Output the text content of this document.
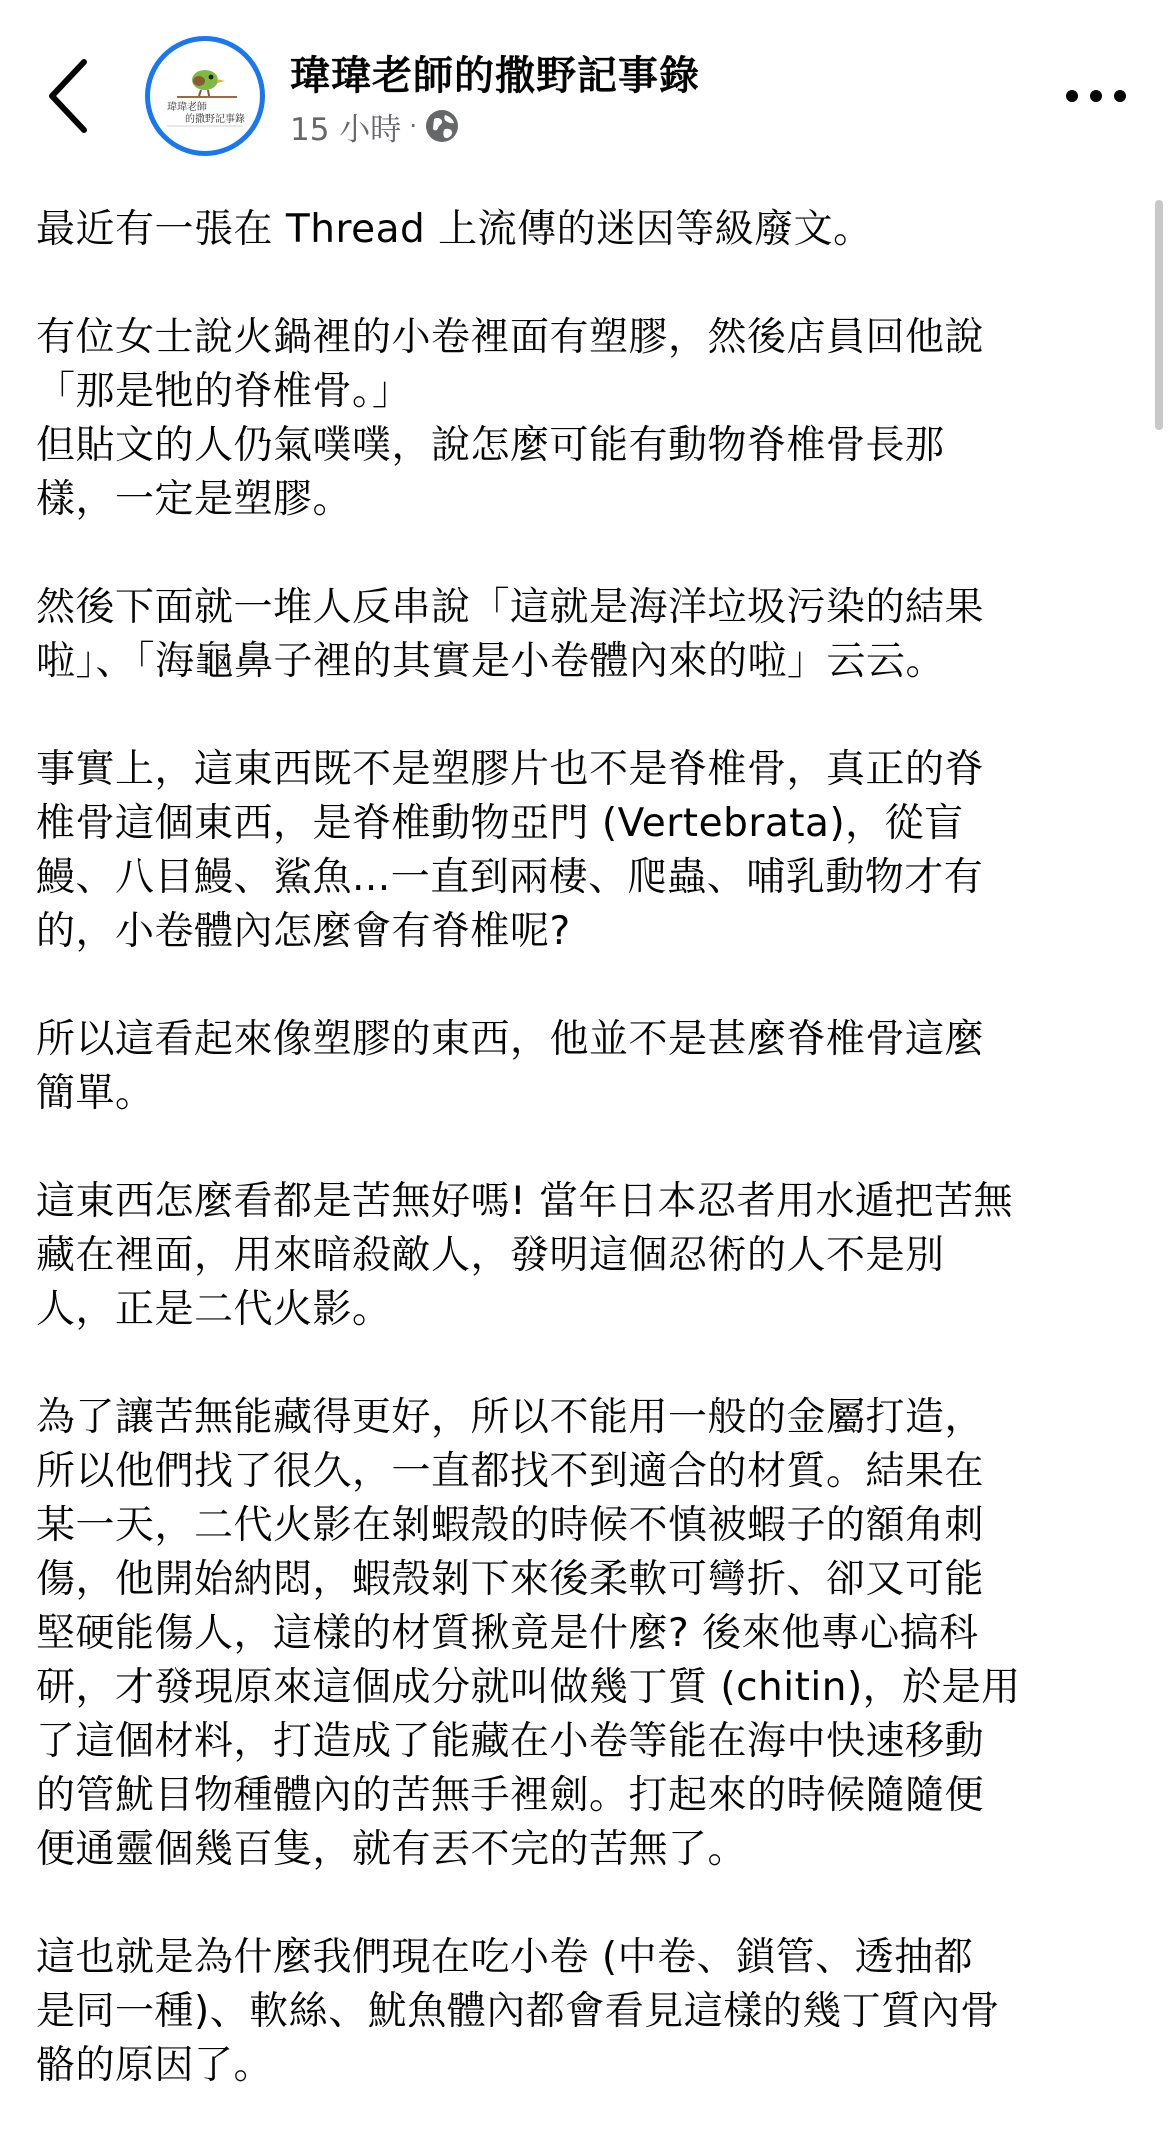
瑋瑋老師
的撒野記事錄
瑋瑋老師的撒野記事錄
15 小時 ·
最近有一張在 Thread 上流傳的迷因等級廢文。
有位女士說火鍋裡的小卷裡面有塑膠，然後店員回他說
「那是牠的脊椎骨。」
但貼文的人仍氣噗噗，說怎麼可能有動物脊椎骨長那
樣，一定是塑膠。
然後下面就一堆人反串說「這就是海洋垃圾污染的結果
啦」、「海龜鼻子裡的其實是小卷體內來的啦」云云。
事實上，這東西既不是塑膠片也不是脊椎骨，真正的脊
椎骨這個東西，是脊椎動物亞門 (Vertebrata)，從盲
鰻、八目鰻、鯊魚...一直到兩棲、爬蟲、哺乳動物才有
的，小卷體內怎麼會有脊椎呢?
所以這看起來像塑膠的東西，他並不是甚麼脊椎骨這麼
簡單。
這東西怎麼看都是苦無好嗎! 當年日本忍者用水遁把苦無
藏在裡面，用來暗殺敵人，發明這個忍術的人不是別
人，正是二代火影。
為了讓苦無能藏得更好，所以不能用一般的金屬打造，
所以他們找了很久，一直都找不到適合的材質。結果在
某一天，二代火影在剝蝦殼的時候不慎被蝦子的額角刺
傷，他開始納悶，蝦殼剝下來後柔軟可彎折、卻又可能
堅硬能傷人，這樣的材質揪竟是什麼? 後來他專心搞科
研，才發現原來這個成分就叫做幾丁質 (chitin)，於是用
了這個材料，打造成了能藏在小卷等能在海中快速移動
的管魷目物種體內的苦無手裡劍。打起來的時候隨隨便
便通靈個幾百隻，就有丟不完的苦無了。
這也就是為什麼我們現在吃小卷 (中卷、鎖管、透抽都
是同一種)、軟絲、魷魚體內都會看見這樣的幾丁質內骨
骼的原因了。
